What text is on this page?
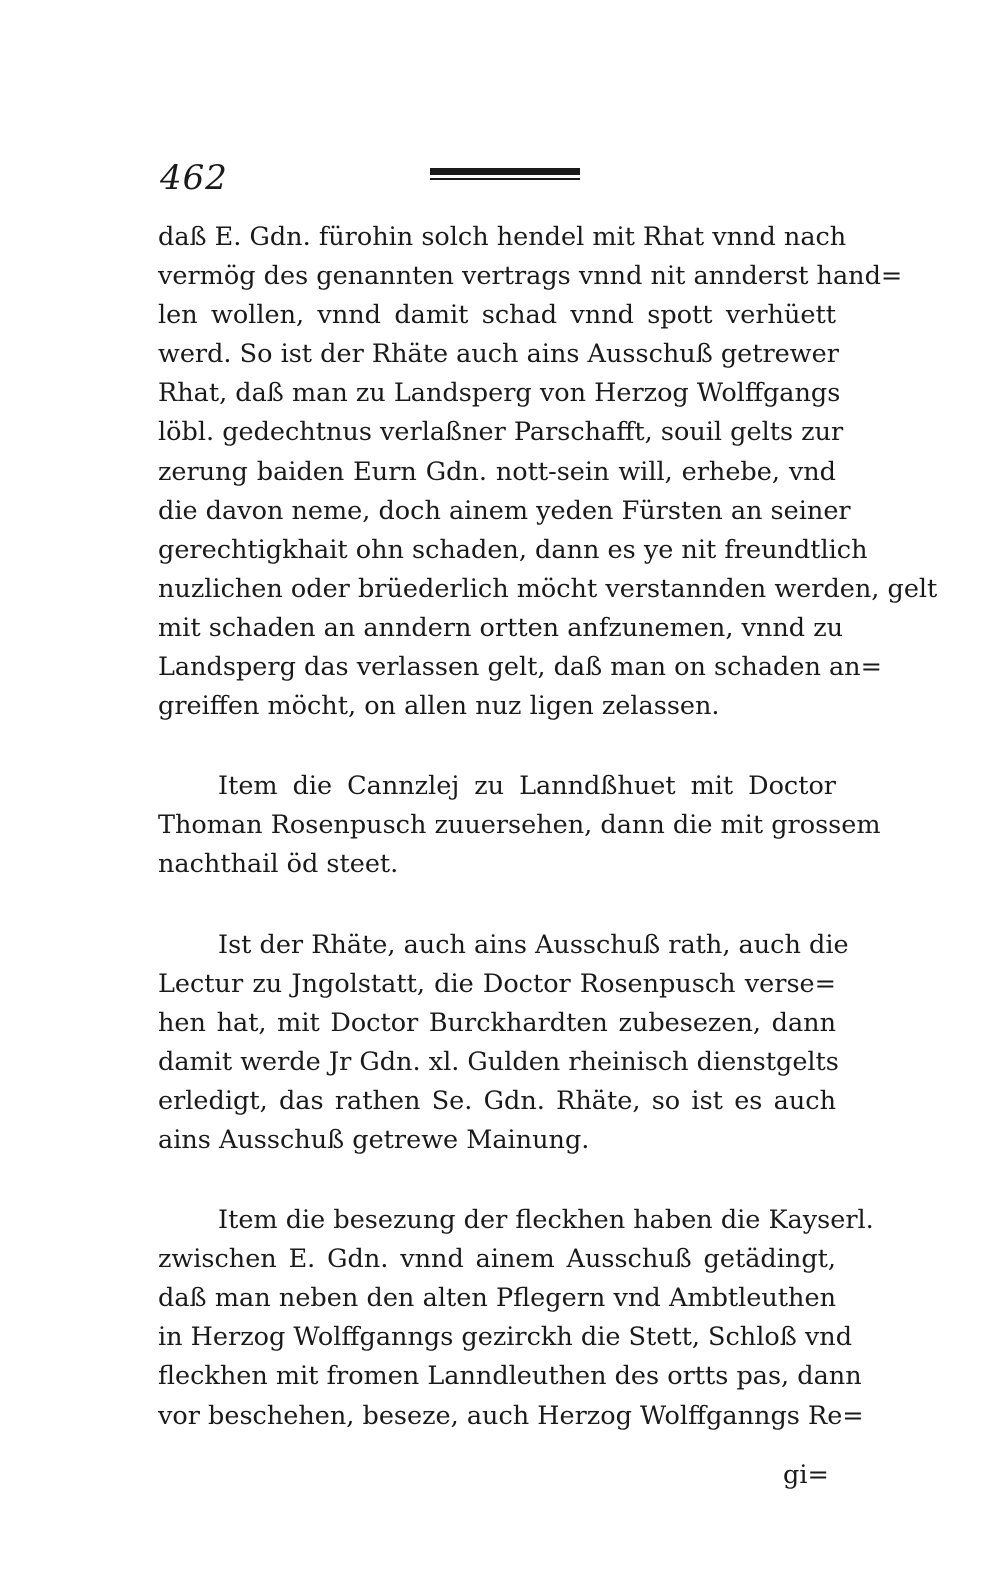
462
daß E. Gdn. fürohin solch hendel mit Rhat vnnd nach
vermög des genannten vertrags vnnd nit annderst hand=
len wollen, vnnd damit schad vnnd spott verhüett
werd. So ist der Rhäte auch ains Ausschuß getrewer
Rhat, daß man zu Landsperg von Herzog Wolffgangs
löbl. gedechtnus verlaßner Parschafft, souil gelts zur
zerung baiden Eurn Gdn. nott-sein will, erhebe, vnd
die davon neme, doch ainem yeden Fürsten an seiner
gerechtigkhait ohn schaden, dann es ye nit freundtlich
nuzlichen oder brüederlich möcht verstannden werden, gelt
mit schaden an anndern ortten anfzunemen, vnnd zu
Landsperg das verlassen gelt, daß man on schaden an=
greiffen möcht, on allen nuz ligen zelassen.
Item die Cannzlej zu Lanndßhuet mit Doctor
Thoman Rosenpusch zuuersehen, dann die mit grossem
nachthail öd steet.
Ist der Rhäte, auch ains Ausschuß rath, auch die
Lectur zu Jngolstatt, die Doctor Rosenpusch verse=
hen hat, mit Doctor Burckhardten zubesezen, dann
damit werde Jr Gdn. xl. Gulden rheinisch dienstgelts
erledigt, das rathen Se. Gdn. Rhäte, so ist es auch
ains Ausschuß getrewe Mainung.
Item die besezung der fleckhen haben die Kayserl.
zwischen E. Gdn. vnnd ainem Ausschuß getädingt,
daß man neben den alten Pflegern vnd Ambtleuthen
in Herzog Wolffganngs gezirckh die Stett, Schloß vnd
fleckhen mit fromen Lanndleuthen des ortts pas, dann
vor beschehen, beseze, auch Herzog Wolffganngs Re=
gi=
